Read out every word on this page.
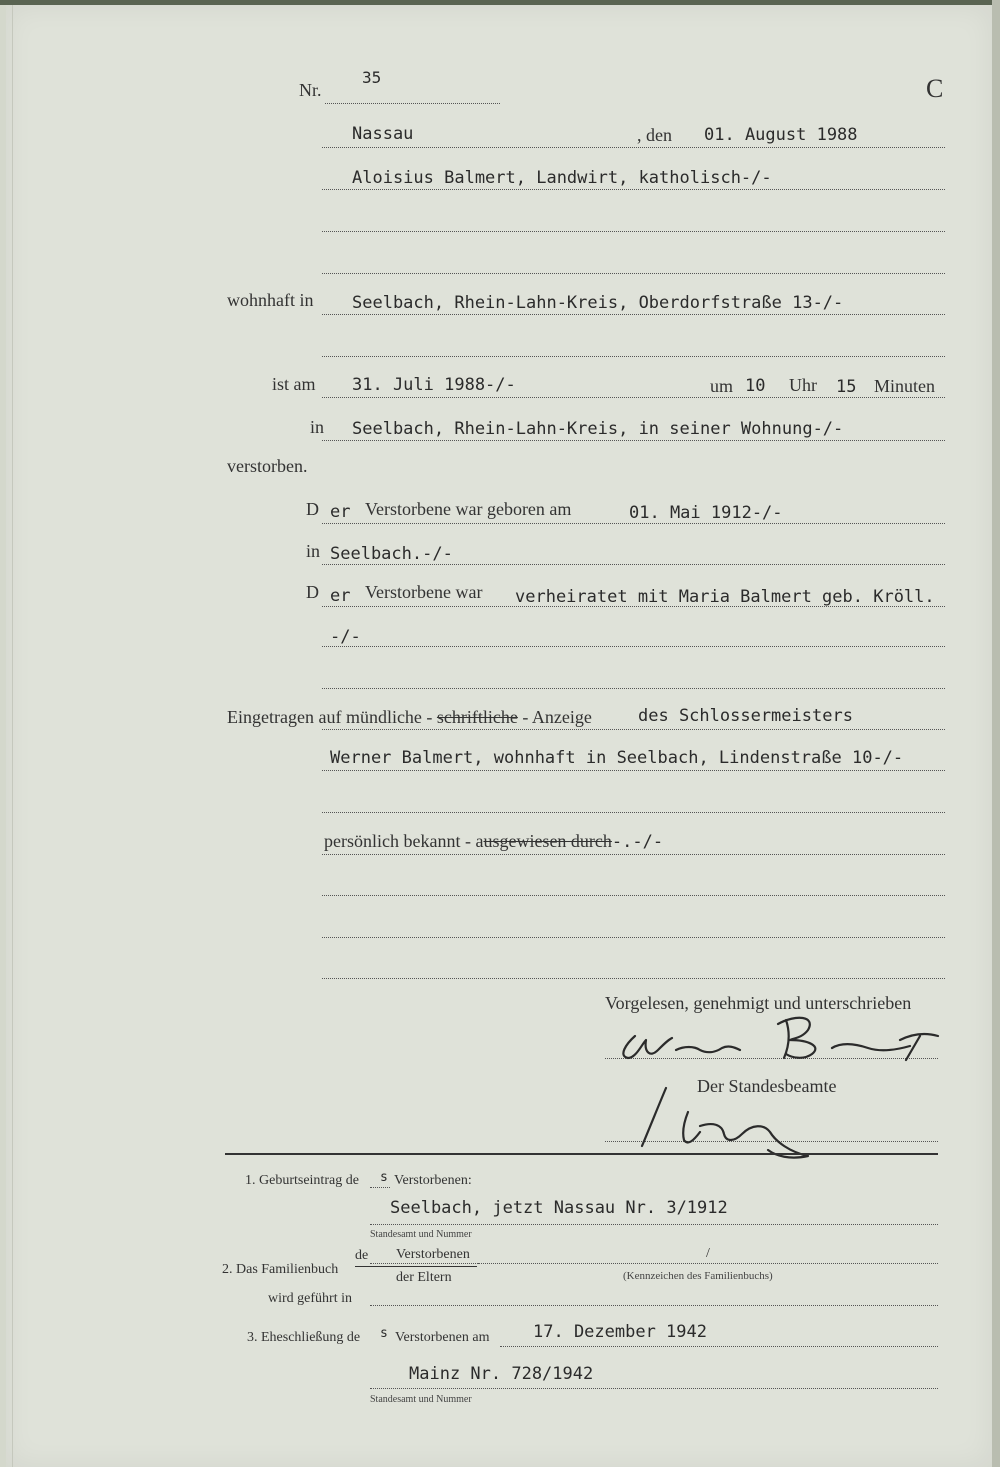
Nr.
35	C
Nassau	, den 01. August 1988
Aloisius Balmert, Landwirt, katholisch-/-
wohnhaft in Seelbach, Rhein-Lahn-Kreis, Oberdorfstraße 13-/-
ist am 31. Juli 1988-/-	um 10 Uhr 15 Minuten
in Seelbach, Rhein-Lahn-Kreis, in seiner Wohnung-/-
verstorben.
D er Verstorbene war geboren am	01. Mai 1912-/-
in Seelbach.-/-
D er Verstorbene war verheiratet mit Maria Balmert geb. Kröll.
-/-
Eingetragen auf mündliche - schriftliche - Anzeige	des Schlossermeisters
Werner Balmert, wohnhaft in Seelbach, Lindenstraße 10-/-
persönlich bekannt - ausgewiesen durch-.-/-
Vorgelesen, genehmigt und unterschrieben
Der Standesbeamte
1. Geburtseintrag de s Verstorbenen:
Seelbach, jetzt Nassau Nr. 3/1912
Standesamt und Nummer
2. Das Familienbuch
de Verstorbenen
der Eltern
/
(Kennzeichen des Familienbuchs)
wird geführt in
3. Eheschließung de s Verstorbenen am	17. Dezember 1942
Mainz Nr. 728/1942
Standesamt und Nummer
